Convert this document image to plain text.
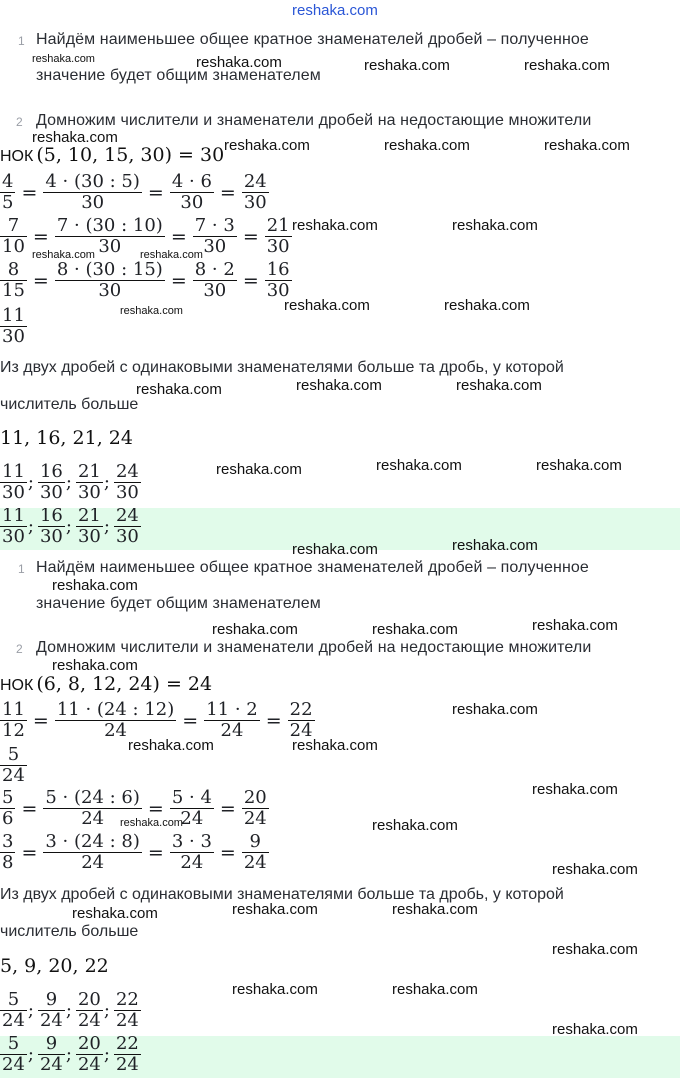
reshaka.com
1 Найдём наименьшее общее кратное знаменателей дробей – полученное
значение будет общим знаменателем
2 Домножим числители и знаменатели дробей на недостающие множители
НОК (5, 10, 15, 30) = 30
$\frac{4}{5} = \frac{4 \cdot (30 : 5)}{30} = \frac{4 \cdot 6}{30} = \frac{24}{30}$
$\frac{7}{10} = \frac{7 \cdot (30 : 10)}{30} = \frac{7 \cdot 3}{30} = \frac{21}{30}$
$\frac{8}{15} = \frac{8 \cdot (30 : 15)}{30} = \frac{8 \cdot 2}{30} = \frac{16}{30}$
$\frac{11}{30}$
Из двух дробей с одинаковыми знаменателями больше та дробь, у которой
числитель больше
11, 16, 21, 24
$\frac{11}{30}$ ; $\frac{16}{30}$ ; $\frac{21}{30}$ ; $\frac{24}{30}$
$\frac{11}{30}$ ; $\frac{16}{30}$ ; $\frac{21}{30}$ ; $\frac{24}{30}$
1 Найдём наименьшее общее кратное знаменателей дробей – полученное
значение будет общим знаменателем
2 Домножим числители и знаменатели дробей на недостающие множители
НОК (6, 8, 12, 24) = 24
$\frac{11}{12} = \frac{11 \cdot (24 : 12)}{24} = \frac{11 \cdot 2}{24} = \frac{22}{24}$
$\frac{5}{24}$
$\frac{5}{6} = \frac{5 \cdot (24 : 6)}{24} = \frac{5 \cdot 4}{24} = \frac{20}{24}$
$\frac{3}{8} = \frac{3 \cdot (24 : 8)}{24} = \frac{3 \cdot 3}{24} = \frac{9}{24}$
Из двух дробей с одинаковыми знаменателями больше та дробь, у которой
числитель больше
5, 9, 20, 22
$\frac{5}{24}$ ; $\frac{9}{24}$ ; $\frac{20}{24}$ ; $\frac{22}{24}$
$\frac{5}{24}$ ; $\frac{9}{24}$ ; $\frac{20}{24}$ ; $\frac{22}{24}$
reshaka.com
reshaka.com	reshaka.com	reshaka.com
reshaka.com	reshaka.com	reshaka.com	reshaka.com
reshaka.com	reshaka.com
reshaka.com	reshaka.com
reshaka.com	reshaka.com
reshaka.com
reshaka.com	reshaka.com	reshaka.com
reshaka.com	reshaka.com	reshaka.com
reshaka.com	reshaka.com
reshaka.com
reshaka.com	reshaka.com	reshaka.com
reshaka.com
reshaka.com
reshaka.com	reshaka.com
reshaka.com
reshaka.com	reshaka.com
reshaka.com
reshaka.com	reshaka.com	reshaka.com
reshaka.com
reshaka.com	reshaka.com
reshaka.com
